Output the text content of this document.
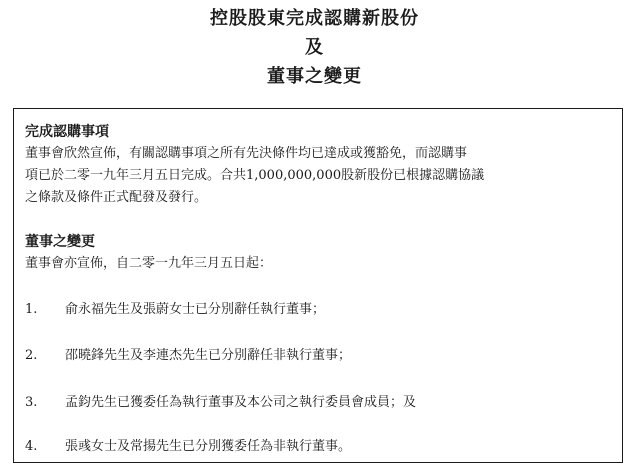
控股股東完成認購新股份
及
董事之變更
完成認購事項
董事會欣然宣佈，有關認購事項之所有先決條件均已達成或獲豁免，而認購事
項已於二零一九年三月五日完成。合共1,000,000,000股新股份已根據認購協議
之條款及條件正式配發及發行。
董事之變更
董事會亦宣佈，自二零一九年三月五日起：
1. 俞永福先生及張蔚女士已分別辭任執行董事；
2. 邵曉鋒先生及李連杰先生已分別辭任非執行董事；
3. 孟鈞先生已獲委任為執行董事及本公司之執行委員會成員；及
4. 張彧女士及常揚先生已分別獲委任為非執行董事。
